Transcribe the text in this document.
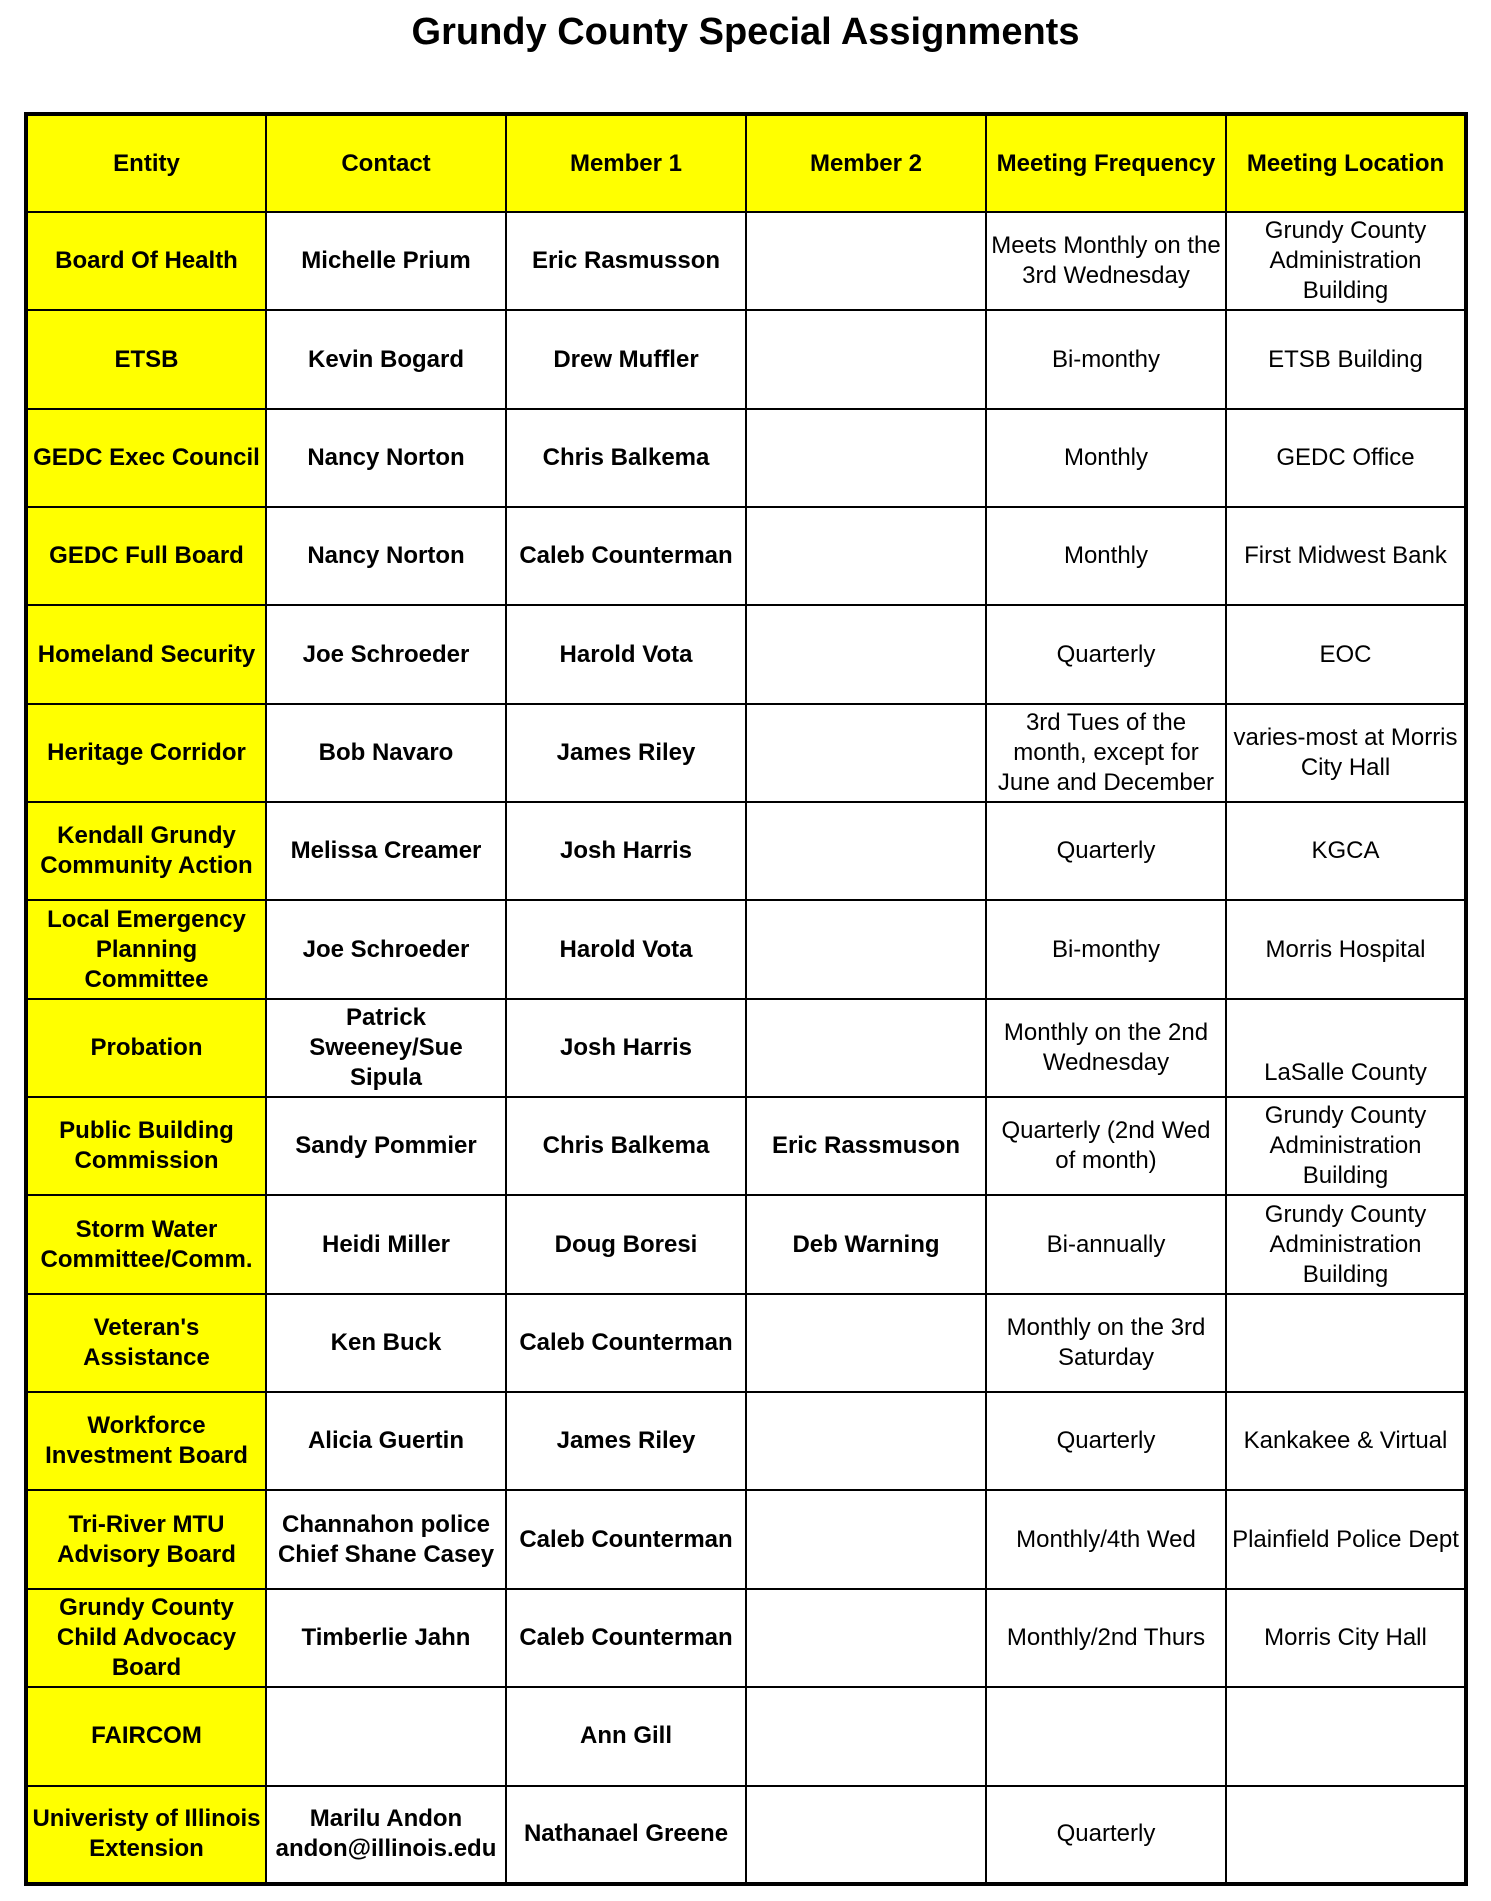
Grundy County Special Assignments
Entity	Contact	Member 1	Member 2	Meeting Frequency	Meeting Location
Board Of Health	Michelle Prium	Eric Rasmusson		Meets Monthly on the 3rd Wednesday	Grundy County Administration Building
ETSB	Kevin Bogard	Drew Muffler		Bi-monthy	ETSB Building
GEDC Exec Council	Nancy Norton	Chris Balkema		Monthly	GEDC Office
GEDC Full Board	Nancy Norton	Caleb Counterman		Monthly	First Midwest Bank
Homeland Security	Joe Schroeder	Harold Vota		Quarterly	EOC
Heritage Corridor	Bob Navaro	James Riley		3rd Tues of the month, except for June and December	varies-most at Morris City Hall
Kendall Grundy Community Action	Melissa Creamer	Josh Harris		Quarterly	KGCA
Local Emergency Planning Committee	Joe Schroeder	Harold Vota		Bi-monthy	Morris Hospital
Probation	Patrick Sweeney/Sue Sipula	Josh Harris		Monthly on the 2nd Wednesday	LaSalle County
Public Building Commission	Sandy Pommier	Chris Balkema	Eric Rassmuson	Quarterly (2nd Wed of month)	Grundy County Administration Building
Storm Water Committee/Comm.	Heidi Miller	Doug Boresi	Deb Warning	Bi-annually	Grundy County Administration Building
Veteran's Assistance	Ken Buck	Caleb Counterman		Monthly on the 3rd Saturday	
Workforce Investment Board	Alicia Guertin	James Riley		Quarterly	Kankakee & Virtual
Tri-River MTU Advisory Board	Channahon police Chief Shane Casey	Caleb Counterman		Monthly/4th Wed	Plainfield Police Dept
Grundy County Child Advocacy Board	Timberlie Jahn	Caleb Counterman		Monthly/2nd Thurs	Morris City Hall
FAIRCOM		Ann Gill			
Univeristy of Illinois Extension	Marilu Andon andon@illinois.edu	Nathanael Greene		Quarterly	
